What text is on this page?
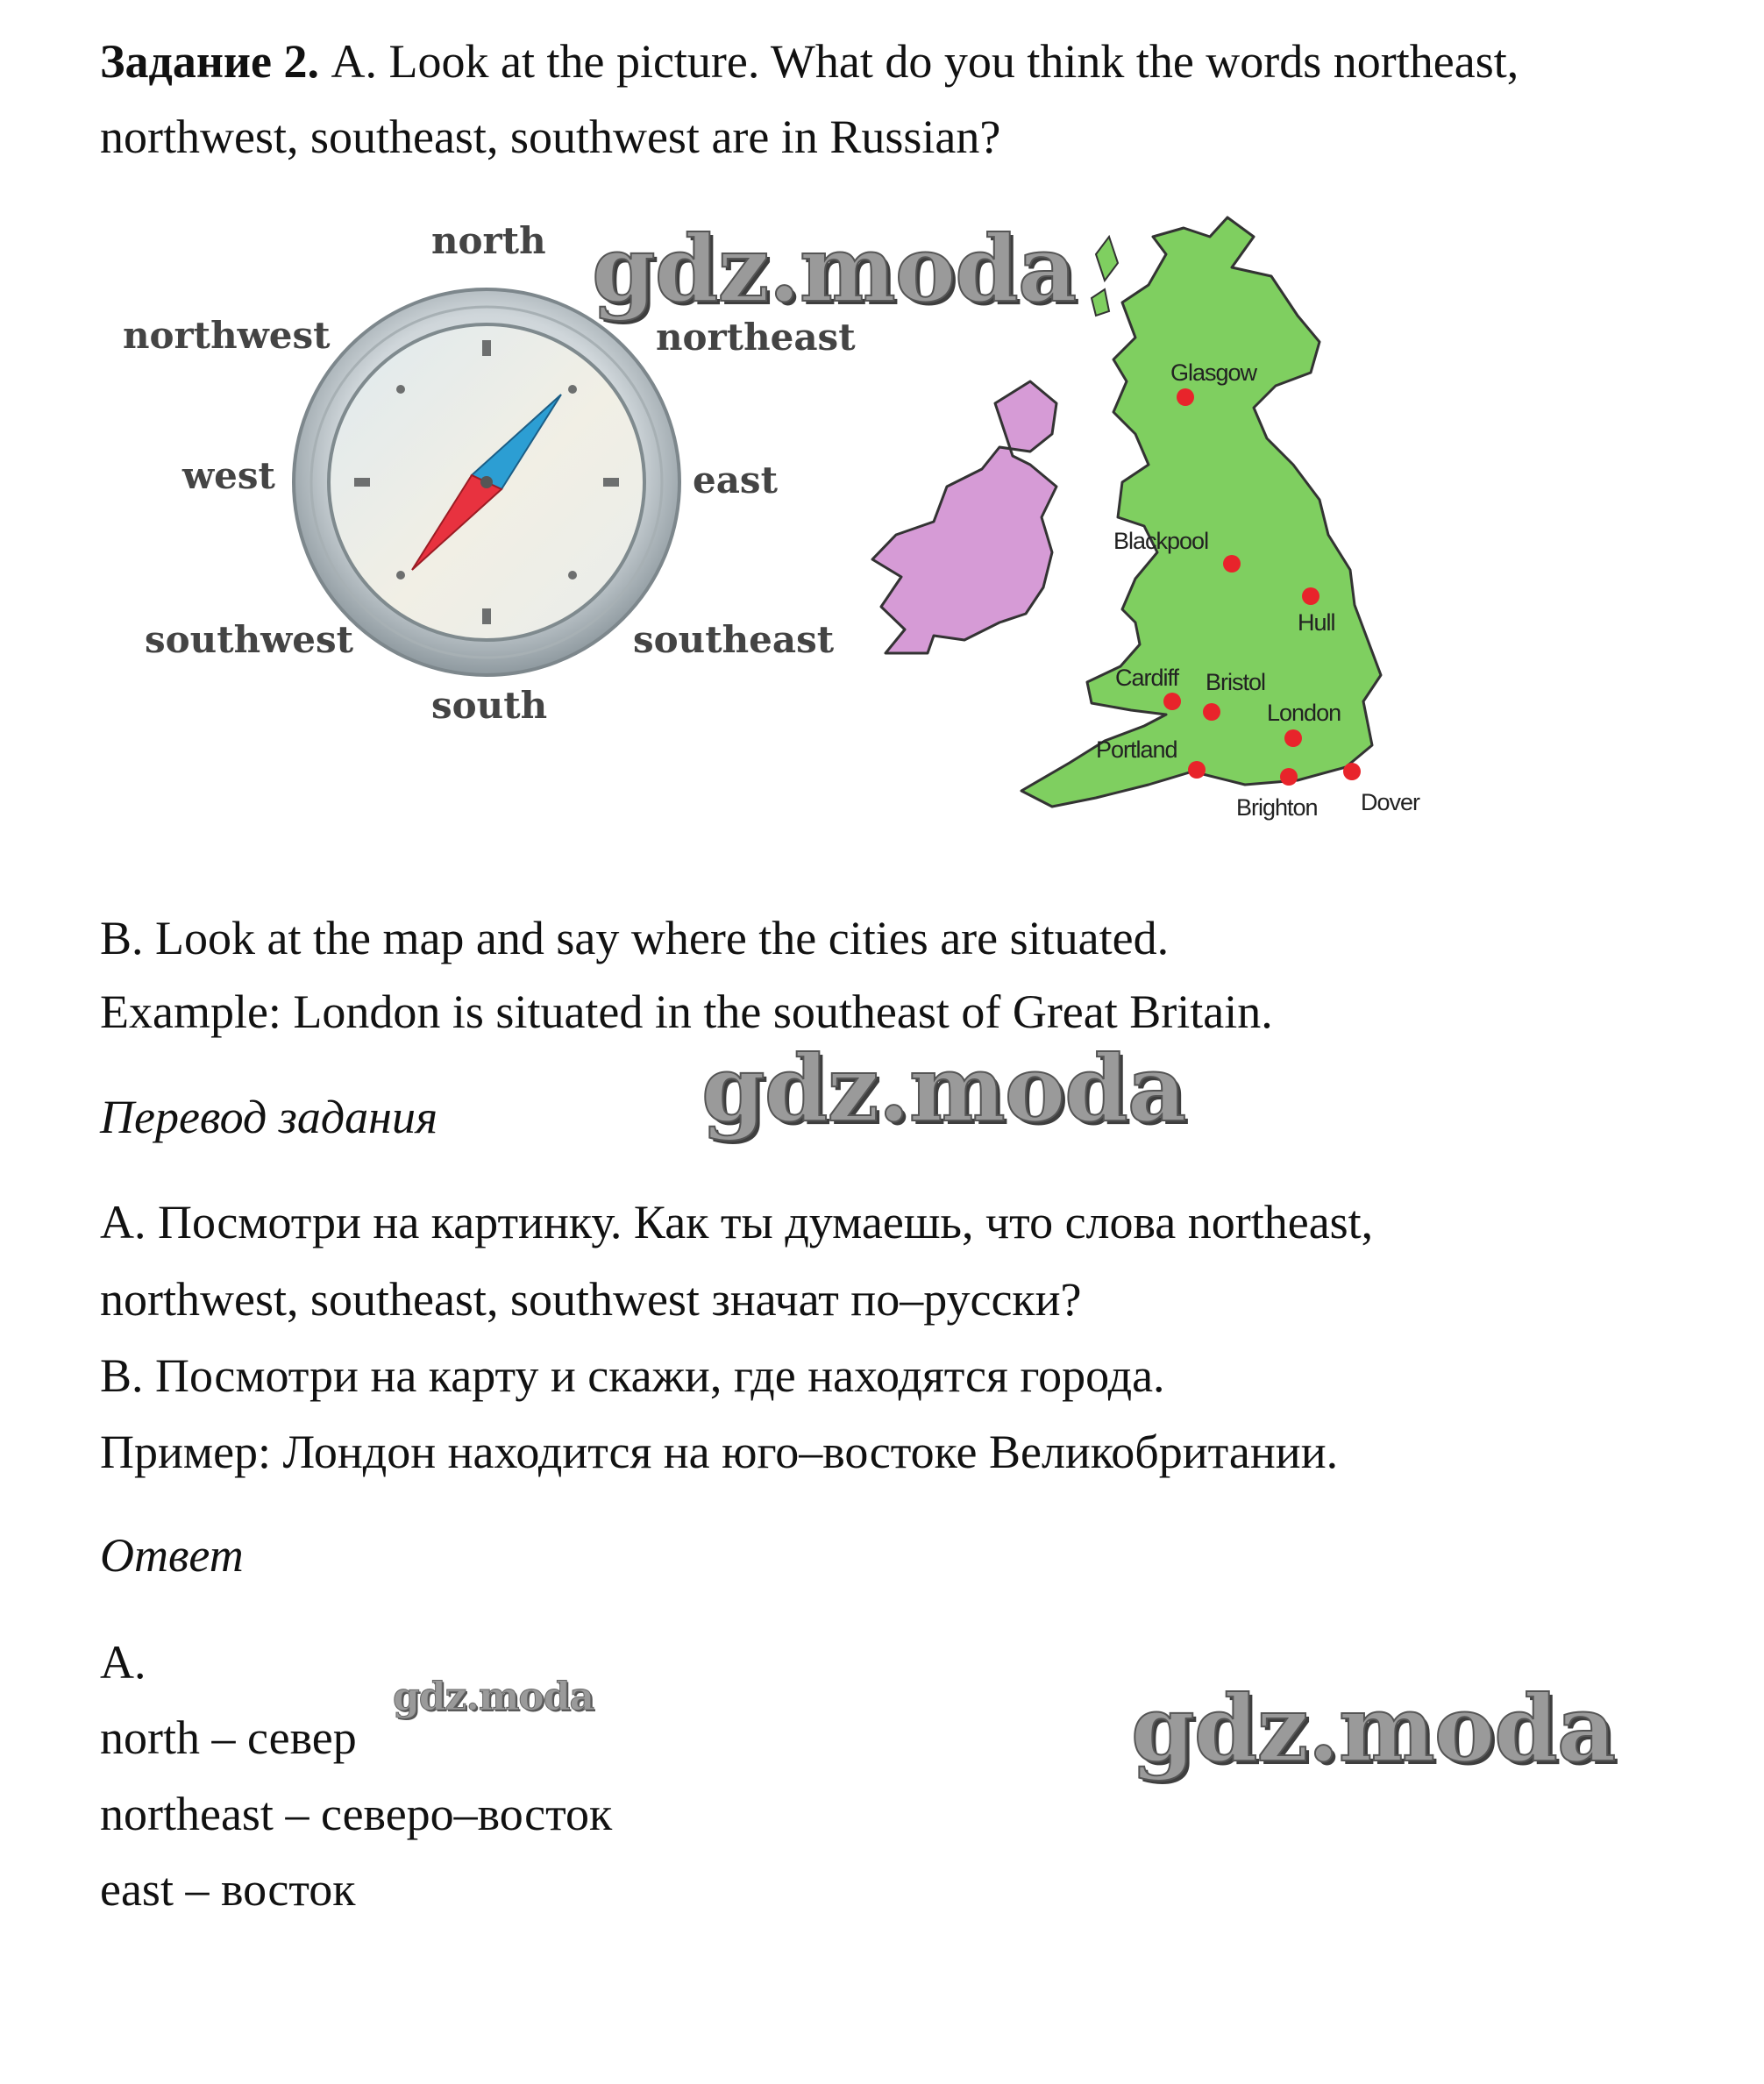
Задание 2. A. Look at the picture. What do you think the words northeast,
northwest, southeast, southwest are in Russian?
north
northwest	northeast
west	east
southwest	southeast
south
Glasgow
Blackpool
Hull
Cardiff Bristol
London
Portland
Brighton Dover
B. Look at the map and say where the cities are situated.
Example: London is situated in the southeast of Great Britain.
Перевод задания
А. Посмотри на картинку. Как ты думаешь, что слова northeast,
northwest, southeast, southwest значат по–русски?
В. Посмотри на карту и скажи, где находятся города.
Пример: Лондон находится на юго–востоке Великобритании.
Ответ
А.
north – север
northeast – северо–восток
east – восток
gdz.moda
gdz.moda
gdz.moda	gdz.moda
